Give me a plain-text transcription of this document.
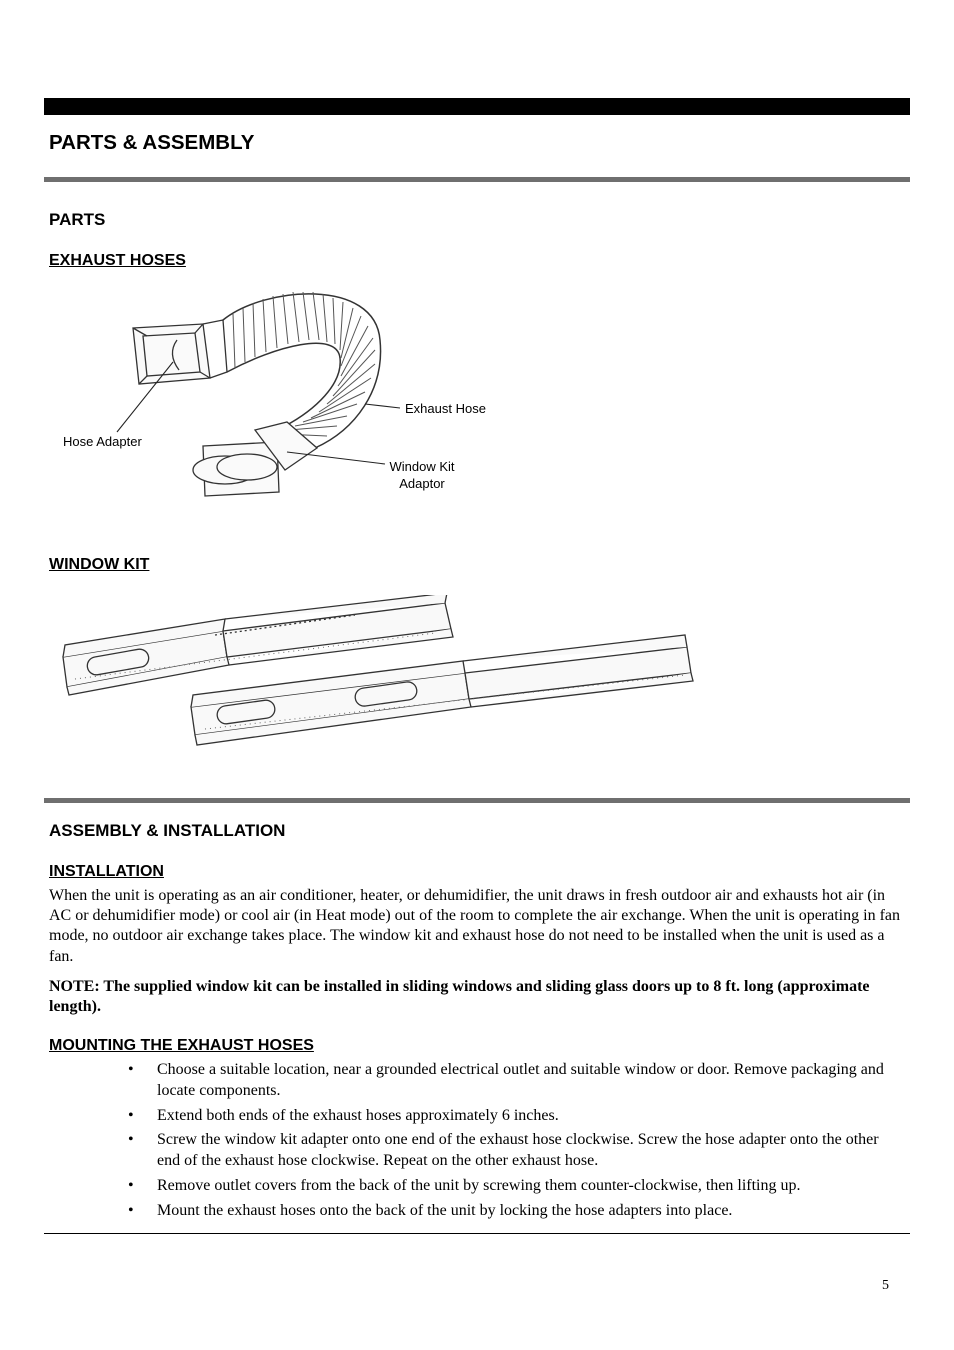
PARTS & ASSEMBLY
PARTS
EXHAUST HOSES
Hose Adapter
Exhaust Hose
Window Kit
Adaptor
WINDOW KIT
ASSEMBLY & INSTALLATION
INSTALLATION
When the unit is operating as an air conditioner, heater, or dehumidifier, the unit draws in fresh outdoor air and exhausts hot air (in AC or dehumidifier mode) or cool air (in Heat mode) out of the room to complete the air exchange. When the unit is operating in fan mode, no outdoor air exchange takes place. The window kit and exhaust hose do not need to be installed when the unit is used as a fan.
NOTE: The supplied window kit can be installed in sliding windows and sliding glass doors up to 8 ft. long (approximate length).
MOUNTING THE EXHAUST HOSES
• Choose a suitable location, near a grounded electrical outlet and suitable window or door. Remove packaging and locate components.
• Extend both ends of the exhaust hoses approximately 6 inches.
• Screw the window kit adapter onto one end of the exhaust hose clockwise. Screw the hose adapter onto the other end of the exhaust hose clockwise. Repeat on the other exhaust hose.
• Remove outlet covers from the back of the unit by screwing them counter-clockwise, then lifting up.
• Mount the exhaust hoses onto the back of the unit by locking the hose adapters into place.
5
